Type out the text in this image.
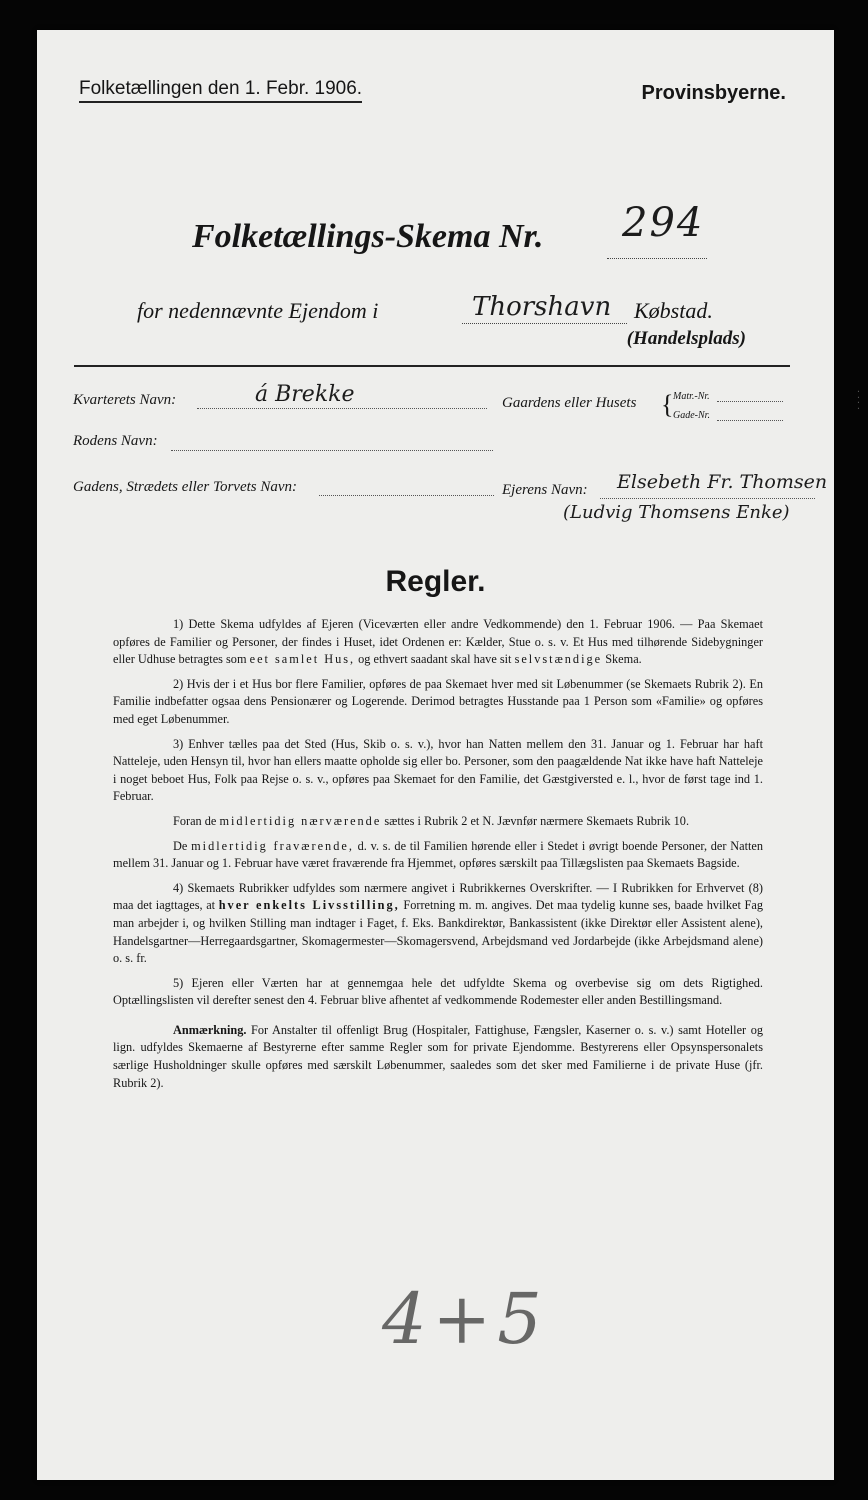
Folketællingen den 1. Febr. 1906.	Provinsbyerne.
Folketællings-Skema Nr. 294
for nedennævnte Ejendom i	Thorshavn Købstad.
(Handelsplads)
Kvarterets Navn:	á Brekke	Gaardens eller Husets { Matr.-Nr.
Gade-Nr.
Rodens Navn:
Gadens, Strædets eller Torvets Navn:	Ejerens Navn: Elsebeth Fr. Thomsen
(Ludvig Thomsens Enke)
Regler.

1) Dette Skema udfyldes af Ejeren (Viceværten eller andre Vedkommende) den 1. Februar 1906. — Paa Skemaet opføres de Familier og Personer, der findes i Huset, idet Ordenen er: Kælder, Stue o. s. v. Et Hus med tilhørende Sidebygninger eller Udhuse betragtes som eet samlet Hus, og ethvert saadant skal have sit selvstændige Skema.

2) Hvis der i et Hus bor flere Familier, opføres de paa Skemaet hver med sit Løbenummer (se Skemaets Rubrik 2). En Familie indbefatter ogsaa dens Pensionærer og Logerende. Derimod betragtes Husstande paa 1 Person som «Familie» og opføres med eget Løbenummer.

3) Enhver tælles paa det Sted (Hus, Skib o. s. v.), hvor han Natten mellem den 31. Januar og 1. Februar har haft Natteleje, uden Hensyn til, hvor han ellers maatte opholde sig eller bo. Personer, som den paagældende Nat ikke have haft Natteleje i noget beboet Hus, Folk paa Rejse o. s. v., opføres paa Skemaet for den Familie, det Gæstgiversted e. l., hvor de først tage ind 1. Februar.

Foran de midlertidig nærværende sættes i Rubrik 2 et N. Jævnfør nærmere Skemaets Rubrik 10.

De midlertidig fraværende, d. v. s. de til Familien hørende eller i Stedet i øvrigt boende Personer, der Natten mellem 31. Januar og 1. Februar have været fraværende fra Hjemmet, opføres særskilt paa Tillægslisten paa Skemaets Bagside.

4) Skemaets Rubrikker udfyldes som nærmere angivet i Rubrikkernes Overskrifter. — I Rubrikken for Erhvervet (8) maa det iagttages, at hver enkelts Livsstilling, Forretning m. m. angives. Det maa tydelig kunne ses, baade hvilket Fag man arbejder i, og hvilken Stilling man indtager i Faget, f. Eks. Bankdirektør, Bankassistent (ikke Direktør eller Assistent alene), Handelsgartner—Herregaardsgartner, Skomagermester—Skomagersvend, Arbejdsmand ved Jordarbejde (ikke Arbejdsmand alene) o. s. fr.

5) Ejeren eller Værten har at gennemgaa hele det udfyldte Skema og overbevise sig om dets Rigtighed. Optællingslisten vil derefter senest den 4. Februar blive afhentet af vedkommende Rodemester eller anden Bestillingsmand.

Anmærkning. For Anstalter til offenligt Brug (Hospitaler, Fattighuse, Fængsler, Kaserner o. s. v.) samt Hoteller og lign. udfyldes Skemaerne af Bestyrerne efter samme Regler som for private Ejendomme. Bestyrerens eller Opsynspersonalets særlige Husholdninger skulle opføres med særskilt Løbenummer, saaledes som det sker med Familierne i de private Huse (jfr. Rubrik 2).

4+5
⁚
⁚
